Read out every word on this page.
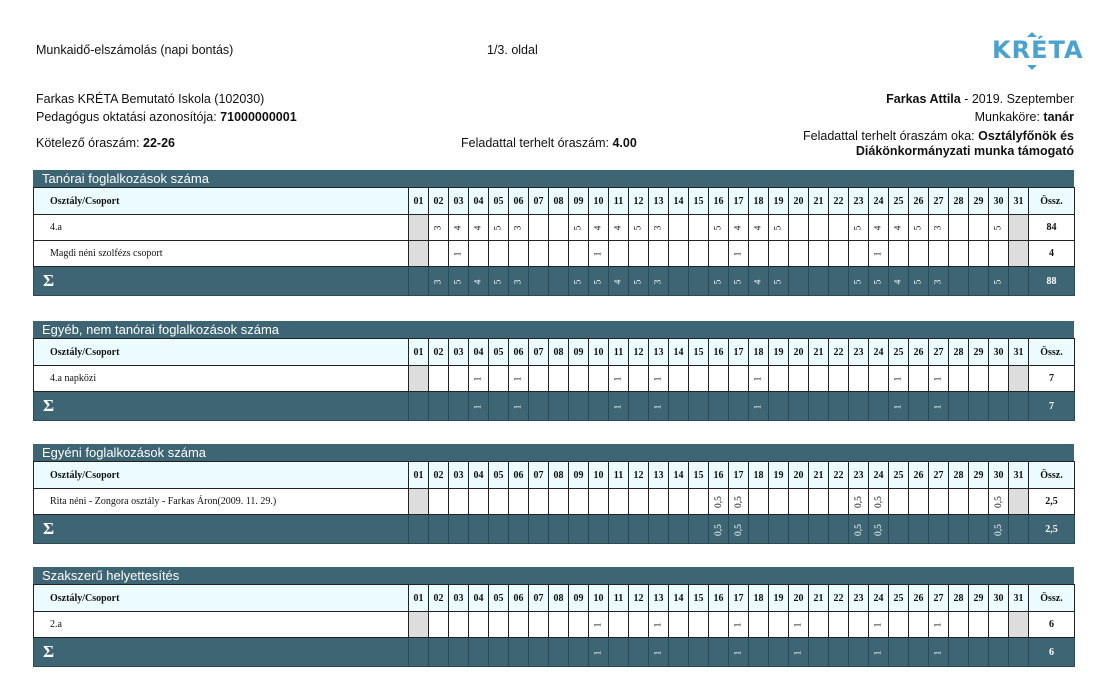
Munkaidő-elszámolás (napi bontás)	1/3. oldal	KRÉTA
Farkas KRÉTA Bemutató Iskola (102030)
Pedagógus oktatási azonosítója: 71000000001
Kötelező óraszám: 22-26	Feladattal terhelt óraszám: 4.00
Farkas Attila - 2019. Szeptember
Munkaköre: tanár
Feladattal terhelt óraszám oka: Osztályfőnök és
Diákönkormányzati munka támogató
Tanórai foglalkozások száma
Osztály/Csoport	01	02	03	04	05	06	07	08	09	10	11	12	13	14	15	16	17	18	19	20	21	22	23	24	25	26	27	28	29	30	31	Össz.
4.a		3	4	4	5	3			5	4	4	5	3			5	4	4	5				5	4	4	5	3			5		84
Magdi néni szolfézs csoport			1							1							1							1								4
Σ		3	5	4	5	3			5	5	4	5	3			5	5	4	5				5	5	4	5	3			5		88
Egyéb, nem tanórai foglalkozások száma
Osztály/Csoport	01	02	03	04	05	06	07	08	09	10	11	12	13	14	15	16	17	18	19	20	21	22	23	24	25	26	27	28	29	30	31	Össz.
4.a napközi				1		1					1		1					1							1		1					7
Σ				1		1					1		1					1							1		1					7
Egyéni foglalkozások száma
Osztály/Csoport	01	02	03	04	05	06	07	08	09	10	11	12	13	14	15	16	17	18	19	20	21	22	23	24	25	26	27	28	29	30	31	Össz.
Rita néni - Zongora osztály - Farkas Áron(2009. 11. 29.)																0,5	0,5						0,5	0,5						0,5		2,5
Σ																0,5	0,5						0,5	0,5						0,5		2,5
Szakszerű helyettesítés
Osztály/Csoport	01	02	03	04	05	06	07	08	09	10	11	12	13	14	15	16	17	18	19	20	21	22	23	24	25	26	27	28	29	30	31	Össz.
2.a										1			1				1			1				1			1					6
Σ										1			1				1			1				1			1					6
